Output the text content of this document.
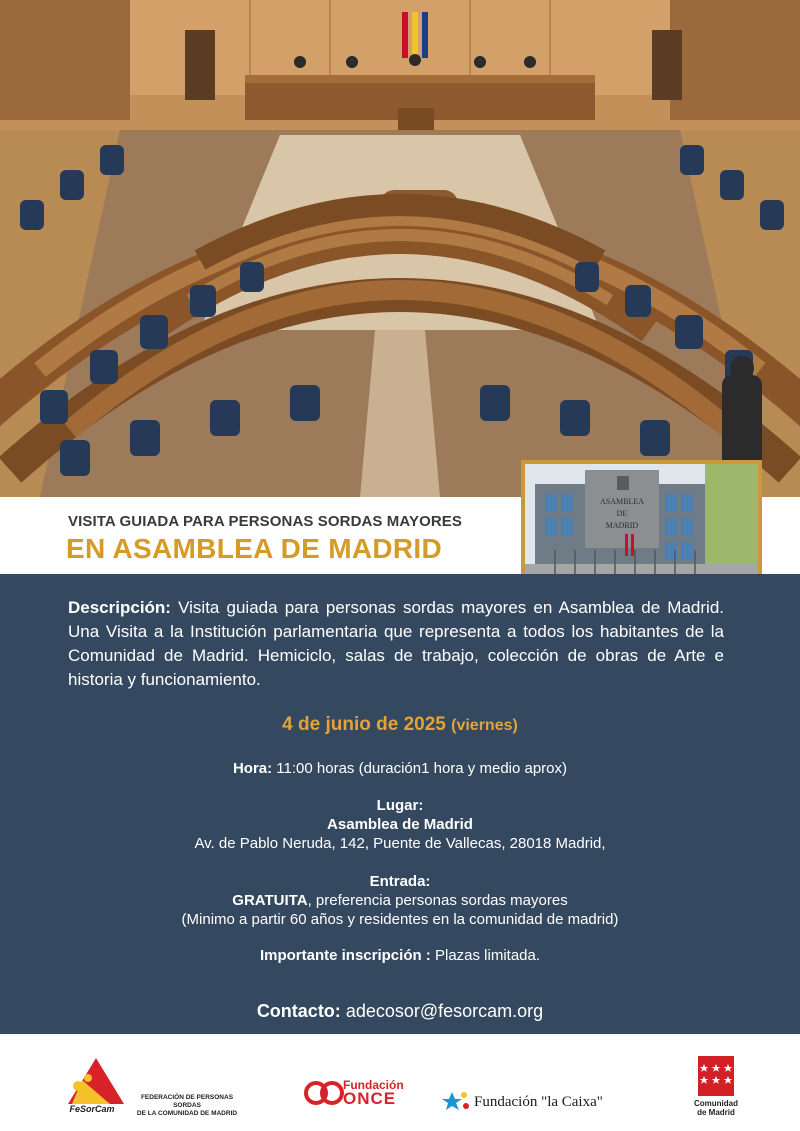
VISITA GUIADA PARA PERSONAS SORDAS MAYORES
EN ASAMBLEA DE MADRID
ASAMBLEA
DE
MADRID
Descripción: Visita guiada para personas sordas mayores en Asamblea de Madrid. Una Visita a la Institución parlamentaria que representa a todos los habitantes de la Comunidad de Madrid. Hemiciclo, salas de trabajo, colección de obras de Arte e historia y funcionamiento.
4 de junio de 2025 (viernes)
Hora: 11:00 horas (duración1 hora y medio aprox)
Lugar:
Asamblea de Madrid
Av. de Pablo Neruda, 142, Puente de Vallecas, 28018 Madrid,
Entrada:
GRATUITA, preferencia personas sordas mayores
(Minimo a partir 60 años y residentes en la comunidad de madrid)
Importante inscripción : Plazas limitada.
Contacto: adecosor@fesorcam.org
FeSorCam
FEDERACIÓN DE PERSONAS SORDAS
DE LA COMUNIDAD DE MADRID
Fundación
ONCE	Fundación "la Caixa"	Comunidad
de Madrid
